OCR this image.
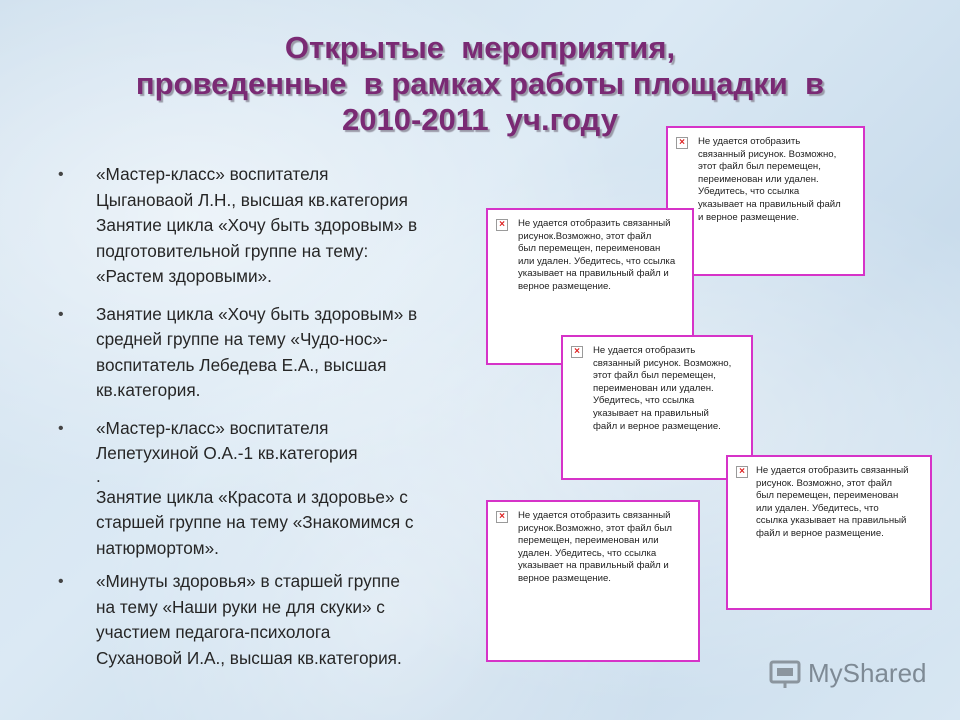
Открытые  мероприятия,
проведенные  в рамках работы площадки  в
2010-2011  уч.году
• «Мастер-класс» воспитателя
Цыгановаой Л.Н., высшая кв.категория
Занятие цикла «Хочу быть здоровым» в
подготовительной группе на тему:
«Растем здоровыми».
• Занятие цикла «Хочу быть здоровым» в
средней группе на тему «Чудо-нос»-
воспитатель Лебедева Е.А., высшая
кв.категория.
• «Мастер-класс» воспитателя
Лепетухиной О.А.-1 кв.категория
.
Занятие цикла «Красота и здоровье» с
старшей группе на тему «Знакомимся с
натюрмортом».
• «Минуты здоровья» в старшей группе
на тему «Наши руки не для скуки» с
участием педагога-психолога
Сухановой И.А., высшая кв.категория.
×	Не удается отобразить
связанный рисунок. Возможно,
этот файл был перемещен,
переименован или удален.
Убедитесь, что ссылка
указывает на правильный файл
и верное размещение.
×	Не удается отобразить связанный
рисунок.Возможно, этот файл
был перемещен, переименован
или удален. Убедитесь, что ссылка
указывает на правильный файл и
верное размещение.
×	Не удается отобразить
связанный рисунок. Возможно,
этот файл был перемещен,
переименован или удален.
Убедитесь, что ссылка
указывает на правильный
файл и верное размещение.
×	Не удается отобразить связанный
рисунок. Возможно, этот файл
был перемещен, переименован
или удален. Убедитесь, что
ссылка указывает на правильный
файл и верное размещение.
×	Не удается отобразить связанный
рисунок.Возможно, этот файл был
перемещен, переименован или
удален. Убедитесь, что ссылка
указывает на правильный файл и
верное размещение.
MyShared
